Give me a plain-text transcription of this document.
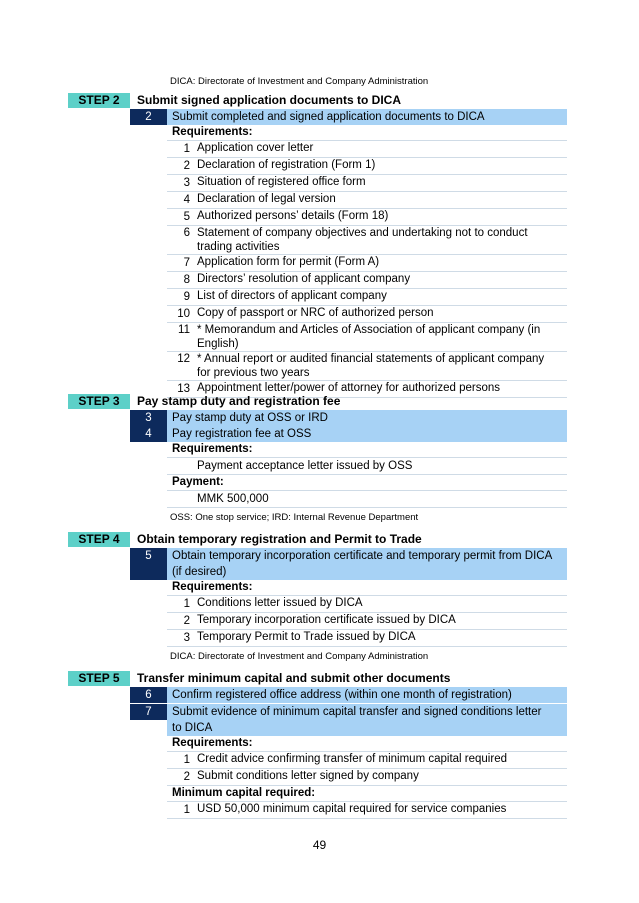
DICA: Directorate of Investment and Company Administration
STEP 2	Submit signed application documents to DICA
2	Submit completed and signed application documents to DICA
Requirements:
1 Application cover letter
2 Declaration of registration (Form 1)
3 Situation of registered office form
4 Declaration of legal version
5 Authorized persons’ details (Form 18)
6 Statement of company objectives and undertaking not to conduct
trading activities
7 Application form for permit (Form A)
8 Directors’ resolution of applicant company
9 List of directors of applicant company
10 Copy of passport or NRC of authorized person
11 * Memorandum and Articles of Association of applicant company (in
English)
12 * Annual report or audited financial statements of applicant company
for previous two years
13 Appointment letter/power of attorney for authorized persons
STEP 3	Pay stamp duty and registration fee
3	Pay stamp duty at OSS or IRD
4	Pay registration fee at OSS
Requirements:
Payment acceptance letter issued by OSS
Payment:
MMK 500,000
OSS: One stop service; IRD: Internal Revenue Department
STEP 4	Obtain temporary registration and Permit to Trade
5	Obtain temporary incorporation certificate and temporary permit from DICA
(if desired)
Requirements:
1 Conditions letter issued by DICA
2 Temporary incorporation certificate issued by DICA
3 Temporary Permit to Trade issued by DICA
DICA: Directorate of Investment and Company Administration
STEP 5	Transfer minimum capital and submit other documents
6	Confirm registered office address (within one month of registration)
7	Submit evidence of minimum capital transfer and signed conditions letter
to DICA
Requirements:
1 Credit advice confirming transfer of minimum capital required
2 Submit conditions letter signed by company
Minimum capital required:
1 USD 50,000 minimum capital required for service companies
49
